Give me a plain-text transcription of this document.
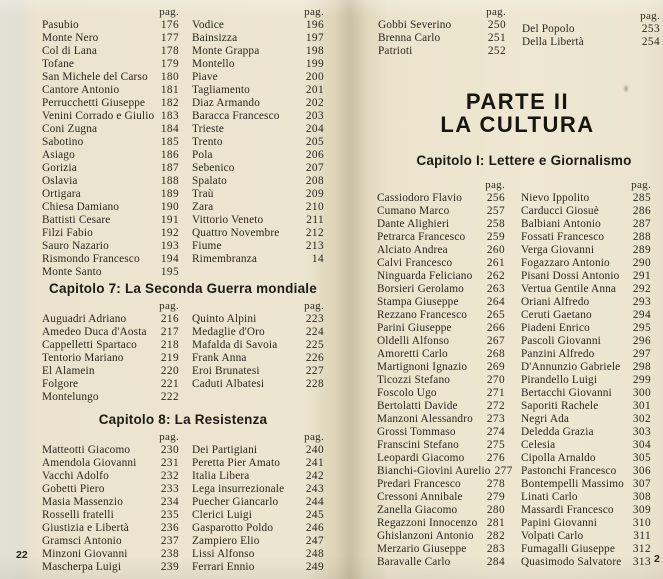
pag.
Pasubio	176
Monte Nero	177
Col di Lana	178
Tofane	179
San Michele del Carso 180
Cantore Antonio	181
Perrucchetti Giuseppe 182
Venini Corrado e Giulio 183
Coni Zugna	184
Sabotino	185
Asiago	186
Gorizia	187
Oslavia	188
Ortigara	189
Chiesa Damiano	190
Battisti Cesare	191
Filzi Fabio	192
Sauro Nazario	193
Rismondo Francesco 194
Monte Santo	195
pag.
Vodice	196
Bainsizza	197
Monte Grappa	198
Montello	199
Piave	200
Tagliamento	201
Diaz Armando	202
Baracca Francesco 203
Trieste	204
Trento	205
Pola	206
Sebenico	207
Spalato	208
Traù	209
Zara	210
Vittorio Veneto	211
Quattro Novembre 212
Fiume	213
Rimembranza	14
Capitolo 7: La Seconda Guerra mondiale
pag.
Auguadri Adriano	216
Amedeo Duca d'Aosta 217
Cappelletti Spartaco 218
Tentorio Mariano	219
El Alamein	220
Folgore	221
Montelungo	222
pag.
Quinto Alpini	223
Medaglie d'Oro	224
Mafalda di Savoia	225
Frank Anna	226
Eroi Brunatesi	227
Caduti Albatesi	228
Capitolo 8: La Resistenza
pag.
Matteotti Giacomo	230
Amendola Giovanni 231
Vacchi Adolfo	232
Gobetti Piero	233
Masia Massenzio	234
Rosselli fratelli	235
Giustizia e Libertà	236
Gramsci Antonio	237
Minzoni Giovanni	238
Mascherpa Luigi	239
pag.
Dei Partigiani	240
Peretta Pier Amato 241
Italia Libera	242
Lega insurrezionale 243
Puecher Giancarlo 244
Clerici Luigi	245
Gasparotto Poldo	246
Zampiero Elio	247
Lissi Alfonso	248
Ferrari Ennio	249
22
pag.
Gobbi Severino	250
Brenna Carlo	251
Patrioti	252
pag.
Del Popolo	253
Della Libertà	254
PARTE II
LA CULTURA
Capitolo I: Lettere e Giornalismo
pag.
Cassiodoro Flavio 256
Cumano Marco	257
Dante Alighieri	258
Petrarca Francesco 259
Alciato Andrea	260
Calvi Francesco	261
Ninguarda Feliciano 262
Borsieri Gerolamo 263
Stampa Giuseppe 264
Rezzano Francesco 265
Parini Giuseppe	266
Oldelli Alfonso	267
Amoretti Carlo	268
Martignoni Ignazio 269
Ticozzi Stefano	270
Foscolo Ugo	271
Bertolatti Davide	272
Manzoni Alessandro 273
Grossi Tommaso	274
Franscini Stefano 275
Leopardi Giacomo 276
Bianchi-Giovini Aurelio 277
Predari Francesco 278
Cressoni Annibale 279
Zanella Giacomo	280
Regazzoni Innocenzo 281
Ghislanzoni Antonio 282
Merzario Giuseppe 283
Baravalle Carlo	284
pag.
Nievo Ippolito	285
Carducci Giosuè	286
Balbiani Antonio	287
Fossati Francesco	288
Verga Giovanni	289
Fogazzaro Antonio 290
Pisani Dossi Antonio 291
Vertua Gentile Anna 292
Oriani Alfredo	293
Ceruti Gaetano	294
Piadeni Enrico	295
Pascoli Giovanni	296
Panzini Alfredo	297
D'Annunzio Gabriele 298
Pirandello Luigi	299
Bertacchi Giovanni 300
Saporiti Rachele	301
Negri Ada	302
Deledda Grazia	303
Celesia	304
Cipolla Arnaldo	305
Pastonchi Francesco 306
Bontempelli Massimo 307
Linati Carlo	308
Massardi Francesco 309
Papini Giovanni	310
Volpati Carlo	311
Fumagalli Giuseppe 312
Quasimodo Salvatore 313 2
